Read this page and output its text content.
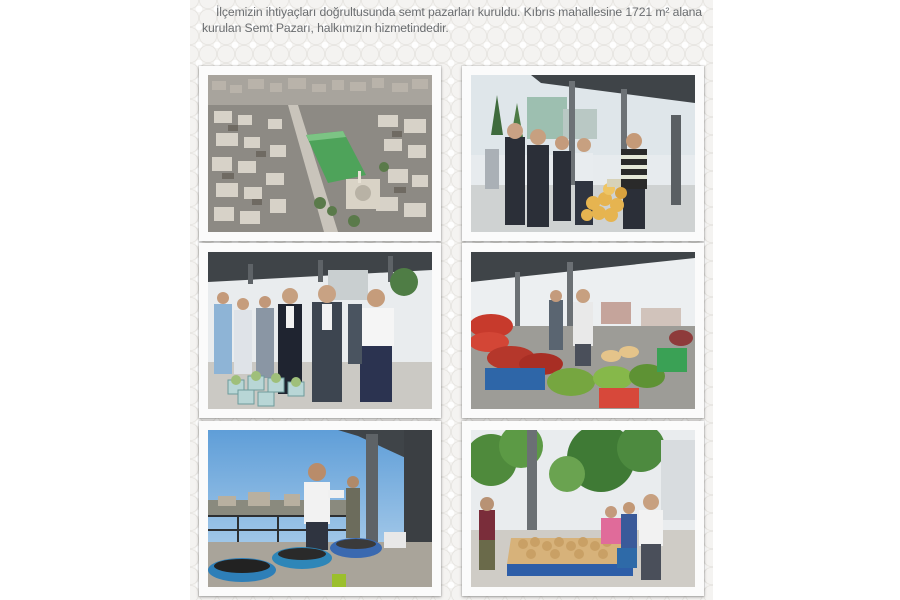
İlçemizin ihtiyaçları doğrultusunda semt pazarları kuruldu. Kıbrıs mahallesine 1721 m² alana kurulan Semt Pazarı, halkımızın hizmetindedir.
